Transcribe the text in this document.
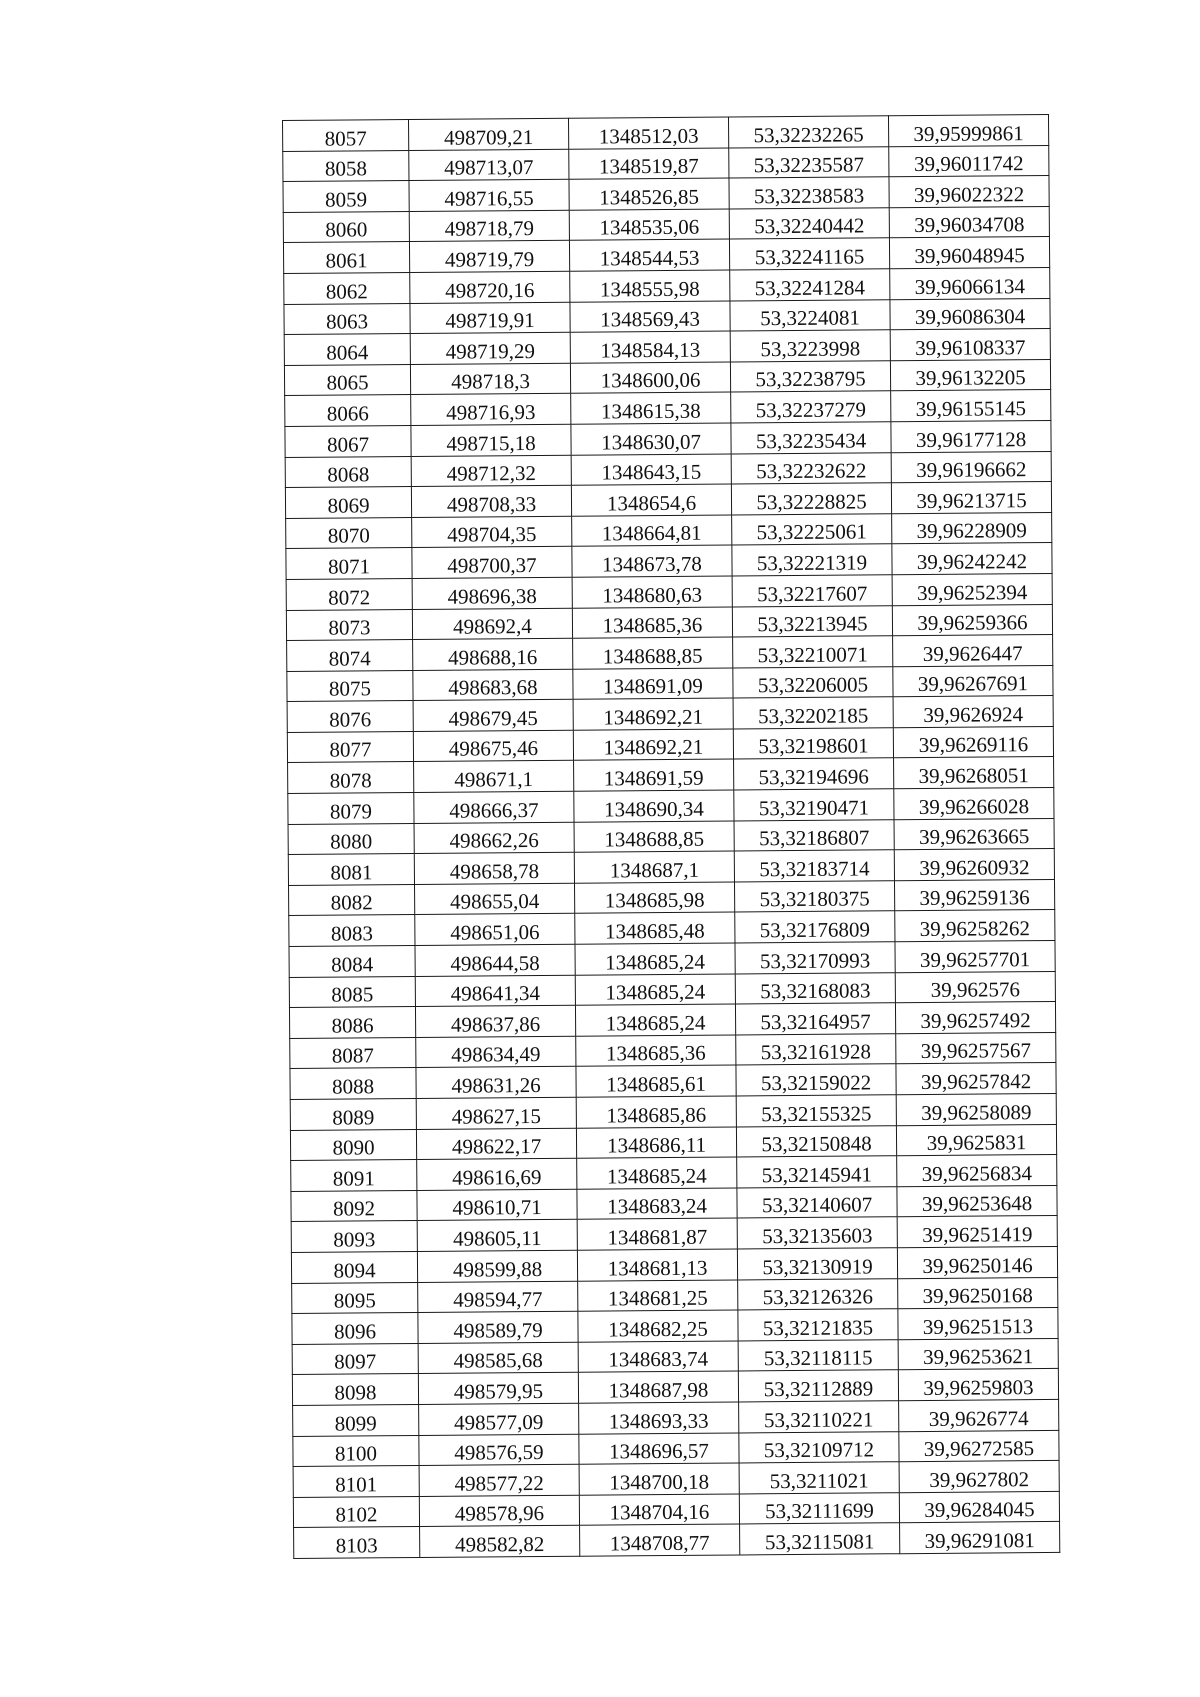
8057	498709,21	1348512,03	53,32232265	39,95999861
8058	498713,07	1348519,87	53,32235587	39,96011742
8059	498716,55	1348526,85	53,32238583	39,96022322
8060	498718,79	1348535,06	53,32240442	39,96034708
8061	498719,79	1348544,53	53,32241165	39,96048945
8062	498720,16	1348555,98	53,32241284	39,96066134
8063	498719,91	1348569,43	53,3224081	39,96086304
8064	498719,29	1348584,13	53,3223998	39,96108337
8065	498718,3	1348600,06	53,32238795	39,96132205
8066	498716,93	1348615,38	53,32237279	39,96155145
8067	498715,18	1348630,07	53,32235434	39,96177128
8068	498712,32	1348643,15	53,32232622	39,96196662
8069	498708,33	1348654,6	53,32228825	39,96213715
8070	498704,35	1348664,81	53,32225061	39,96228909
8071	498700,37	1348673,78	53,32221319	39,96242242
8072	498696,38	1348680,63	53,32217607	39,96252394
8073	498692,4	1348685,36	53,32213945	39,96259366
8074	498688,16	1348688,85	53,32210071	39,9626447
8075	498683,68	1348691,09	53,32206005	39,96267691
8076	498679,45	1348692,21	53,32202185	39,9626924
8077	498675,46	1348692,21	53,32198601	39,96269116
8078	498671,1	1348691,59	53,32194696	39,96268051
8079	498666,37	1348690,34	53,32190471	39,96266028
8080	498662,26	1348688,85	53,32186807	39,96263665
8081	498658,78	1348687,1	53,32183714	39,96260932
8082	498655,04	1348685,98	53,32180375	39,96259136
8083	498651,06	1348685,48	53,32176809	39,96258262
8084	498644,58	1348685,24	53,32170993	39,96257701
8085	498641,34	1348685,24	53,32168083	39,962576
8086	498637,86	1348685,24	53,32164957	39,96257492
8087	498634,49	1348685,36	53,32161928	39,96257567
8088	498631,26	1348685,61	53,32159022	39,96257842
8089	498627,15	1348685,86	53,32155325	39,96258089
8090	498622,17	1348686,11	53,32150848	39,9625831
8091	498616,69	1348685,24	53,32145941	39,96256834
8092	498610,71	1348683,24	53,32140607	39,96253648
8093	498605,11	1348681,87	53,32135603	39,96251419
8094	498599,88	1348681,13	53,32130919	39,96250146
8095	498594,77	1348681,25	53,32126326	39,96250168
8096	498589,79	1348682,25	53,32121835	39,96251513
8097	498585,68	1348683,74	53,32118115	39,96253621
8098	498579,95	1348687,98	53,32112889	39,96259803
8099	498577,09	1348693,33	53,32110221	39,9626774
8100	498576,59	1348696,57	53,32109712	39,96272585
8101	498577,22	1348700,18	53,3211021	39,9627802
8102	498578,96	1348704,16	53,32111699	39,96284045
8103	498582,82	1348708,77	53,32115081	39,96291081
